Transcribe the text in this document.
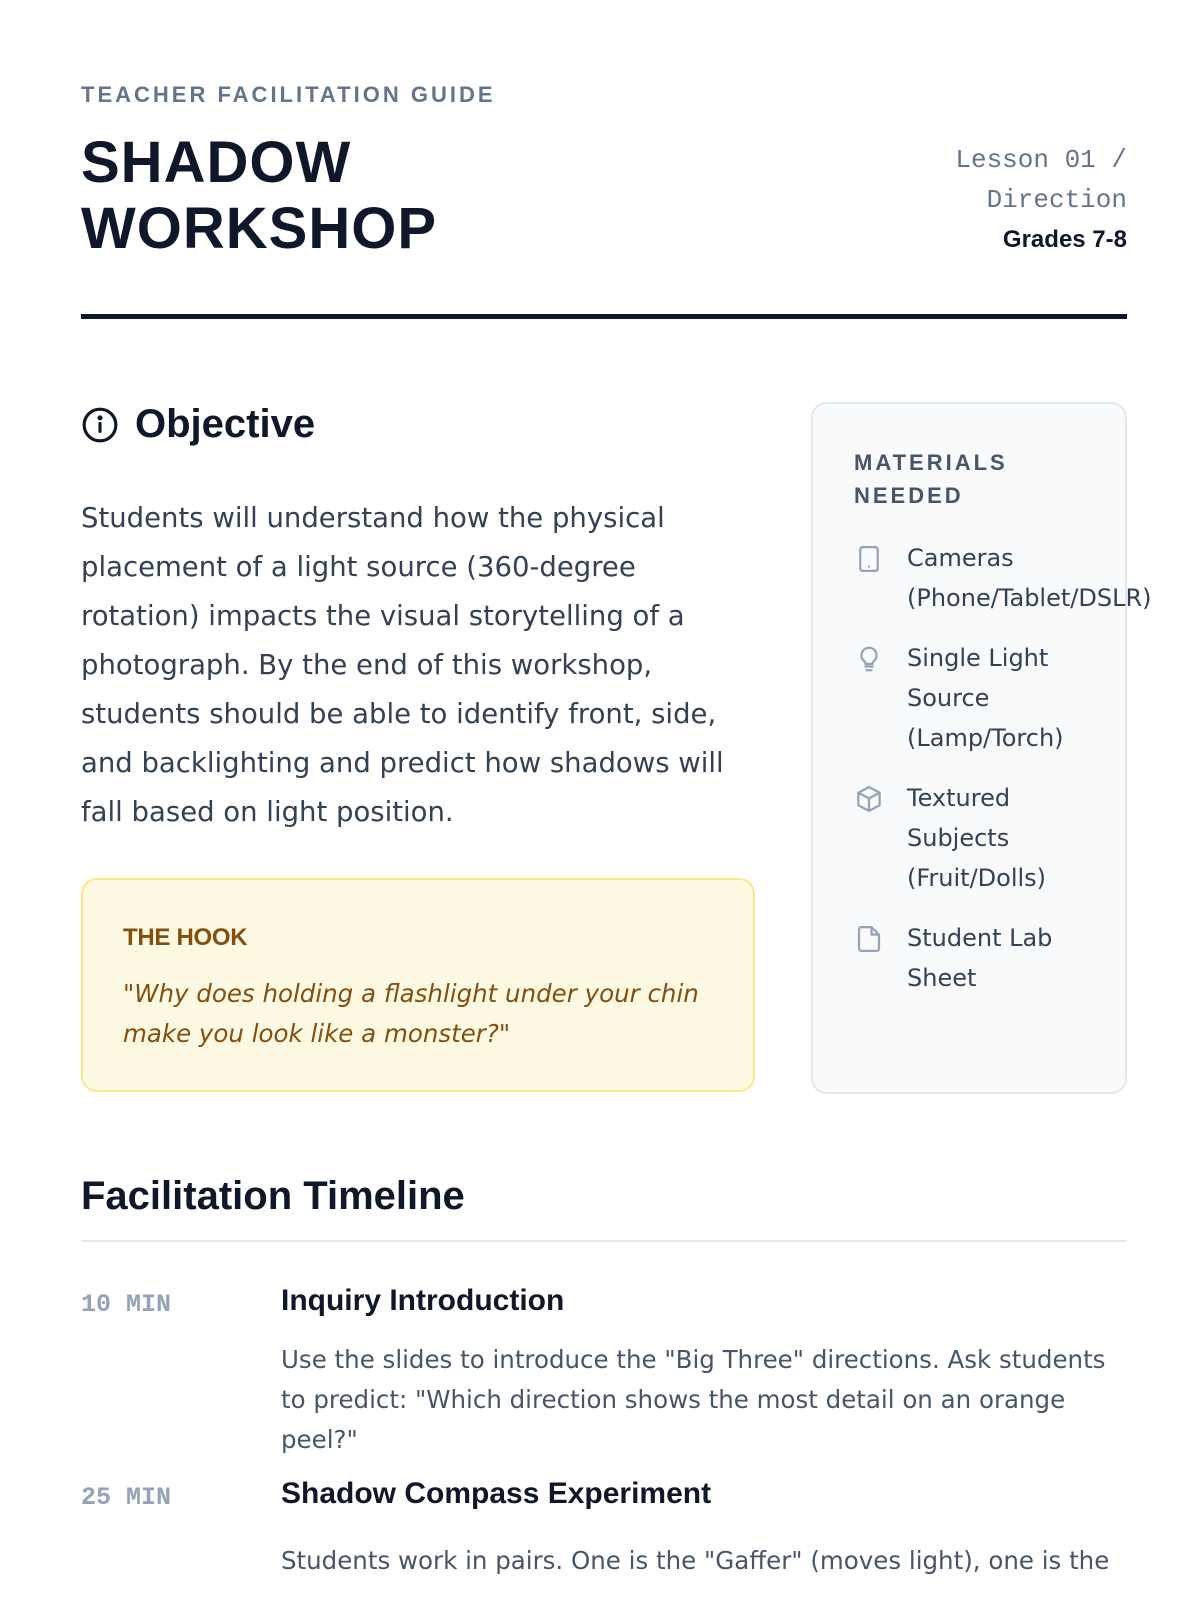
TEACHER FACILITATION GUIDE
SHADOW
WORKSHOP
Lesson 01 / Direction
Grades 7-8
Objective
Students will understand how the physical placement of a light source (360-degree rotation) impacts the visual storytelling of a photograph. By the end of this workshop, students should be able to identify front, side, and backlighting and predict how shadows will fall based on light position.
THE HOOK
"Why does holding a flashlight under your chin make you look like a monster?"
MATERIALS NEEDED
Cameras (Phone/Tablet/DSLR)
Single Light Source (Lamp/Torch)
Textured Subjects (Fruit/Dolls)
Student Lab Sheet
Facilitation Timeline
10 MIN	Inquiry Introduction
Use the slides to introduce the "Big Three" directions. Ask students to predict: "Which direction shows the most detail on an orange peel?"
25 MIN	Shadow Compass Experiment
Students work in pairs. One is the "Gaffer" (moves light), one is the
